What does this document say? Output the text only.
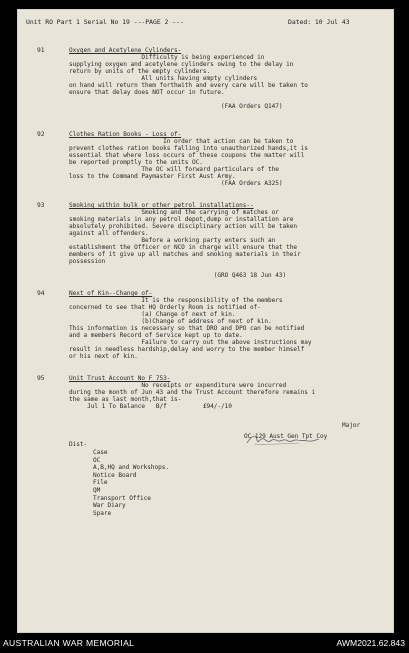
Unit RO Part 1 Serial No 19 ---PAGE 2 ---	Dated: 10 Jul 43
91	Oxygen and Acetylene Cylinders-
Difficulty is being experienced in
supplying oxygen and acetylene cylinders owing to the delay in
return by units of the empty cylinders.
All units having empty cylinders
on hand will return them forthwith and every care will be taken to
ensure that delay does NOT occur in future.
(FAA Orders Q147)
92	Clothes Ration Books - Loss of-
In order that action can be taken to
prevent clothes ration books falling into unauthorized hands,it is
essential that where loss occurs of these coupons the matter will
be reported promptly to the units OC.
The OC will forward particulars of the
loss to the Command Paymaster First Aust Army.
(FAA Orders A325)
93	Smoking within bulk or other petrol installations--
Smoking and the carrying of matches or
smoking materials in any petrol depot,dump or installation are
absolutely prohibited. Severe disciplinary action will be taken
against all offenders.
Before a working party enters such an
establishment the Officer or NCO in charge will ensure that the
members of it give up all matches and smoking materials in their
possession
(GRO Q463 18 Jun 43)
94	Next of Kin--Change of-
It is the responsibility of the members
concerned to see that HQ Orderly Room is notified of-
(a) Change of next of kin.
(b)Change of address of next of kin.
This information is necessary so that DRO and DPO can be notified
and a members Record of Service kept up to date.
Failure to carry out the above instructions may
result in needless hardship,delay and worry to the member himself
or his next of kin.
95	Unit Trust Account No F 753-
No receipts or expenditure were incurred
during the month of Jun 43 and the Trust Account therefore remains i
the same as last month,that is-
Jul 1 To Balance   B/f          £94/-/10
Major
OC 129 Aust Gen Tpt Coy
Dist-
Case
OC
A,B,HQ and Workshops.
Notice Board
File
QM
Transport Office
War Diary
Spare
AUSTRALIAN WAR MEMORIAL	AWM2021.62.843
